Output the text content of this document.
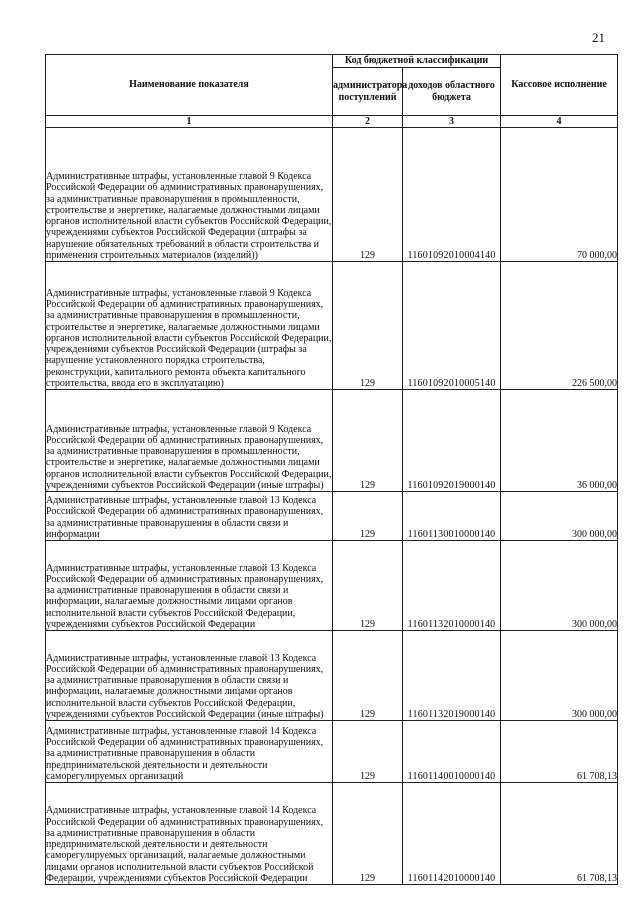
21
Наименование показателя	Код бюджетной классификации		Кассовое исполнение
	администратора поступлений	доходов областного бюджета	
1	2	3	4
Административные штрафы, установленные главой 9 Кодекса Российской Федерации об административных правонарушениях, за административные правонарушения в промышленности, строительстве и энергетике, налагаемые должностными лицами органов исполнительной власти субъектов Российской Федерации, учреждениями субъектов Российской Федерации (штрафы за нарушение обязательных требований в области строительства и применения строительных материалов (изделий))	129	11601092010004140	70 000,00
Административные штрафы, установленные главой 9 Кодекса Российской Федерации об административных правонарушениях, за административные правонарушения в промышленности, строительстве и энергетике, налагаемые должностными лицами органов исполнительной власти субъектов Российской Федерации, учреждениями субъектов Российской Федерации (штрафы за нарушение установленного порядка строительства, реконструкции, капитального ремонта объекта капитального строительства, ввода его в эксплуатацию)	129	11601092010005140	226 500,00
Административные штрафы, установленные главой 9 Кодекса Российской Федерации об административных правонарушениях, за административные правонарушения в промышленности, строительстве и энергетике, налагаемые должностными лицами органов исполнительной власти субъектов Российской Федерации, учреждениями субъектов Российской Федерации (иные штрафы)	129	11601092019000140	36 000,00
Административные штрафы, установленные главой 13 Кодекса Российской Федерации об административных правонарушениях, за административные правонарушения в области связи и информации	129	11601130010000140	300 000,00
Административные штрафы, установленные главой 13 Кодекса Российской Федерации об административных правонарушениях, за административные правонарушения в области связи и информации, налагаемые должностными лицами органов исполнительной власти субъектов Российской Федерации, учреждениями субъектов Российской Федерации	129	11601132010000140	300 000,00
Административные штрафы, установленные главой 13 Кодекса Российской Федерации об административных правонарушениях, за административные правонарушения в области связи и информации, налагаемые должностными лицами органов исполнительной власти субъектов Российской Федерации, учреждениями субъектов Российской Федерации (иные штрафы)	129	11601132019000140	300 000,00
Административные штрафы, установленные главой 14 Кодекса Российской Федерации об административных правонарушениях, за административные правонарушения в области предпринимательской деятельности и деятельности саморегулируемых организаций	129	11601140010000140	61 708,13
Административные штрафы, установленные главой 14 Кодекса Российской Федерации об административных правонарушениях, за административные правонарушения в области предпринимательской деятельности и деятельности саморегулируемых организаций, налагаемые должностными лицами органов исполнительной власти субъектов Российской Федерации, учреждениями субъектов Российской Федерации	129	11601142010000140	61 708,13
